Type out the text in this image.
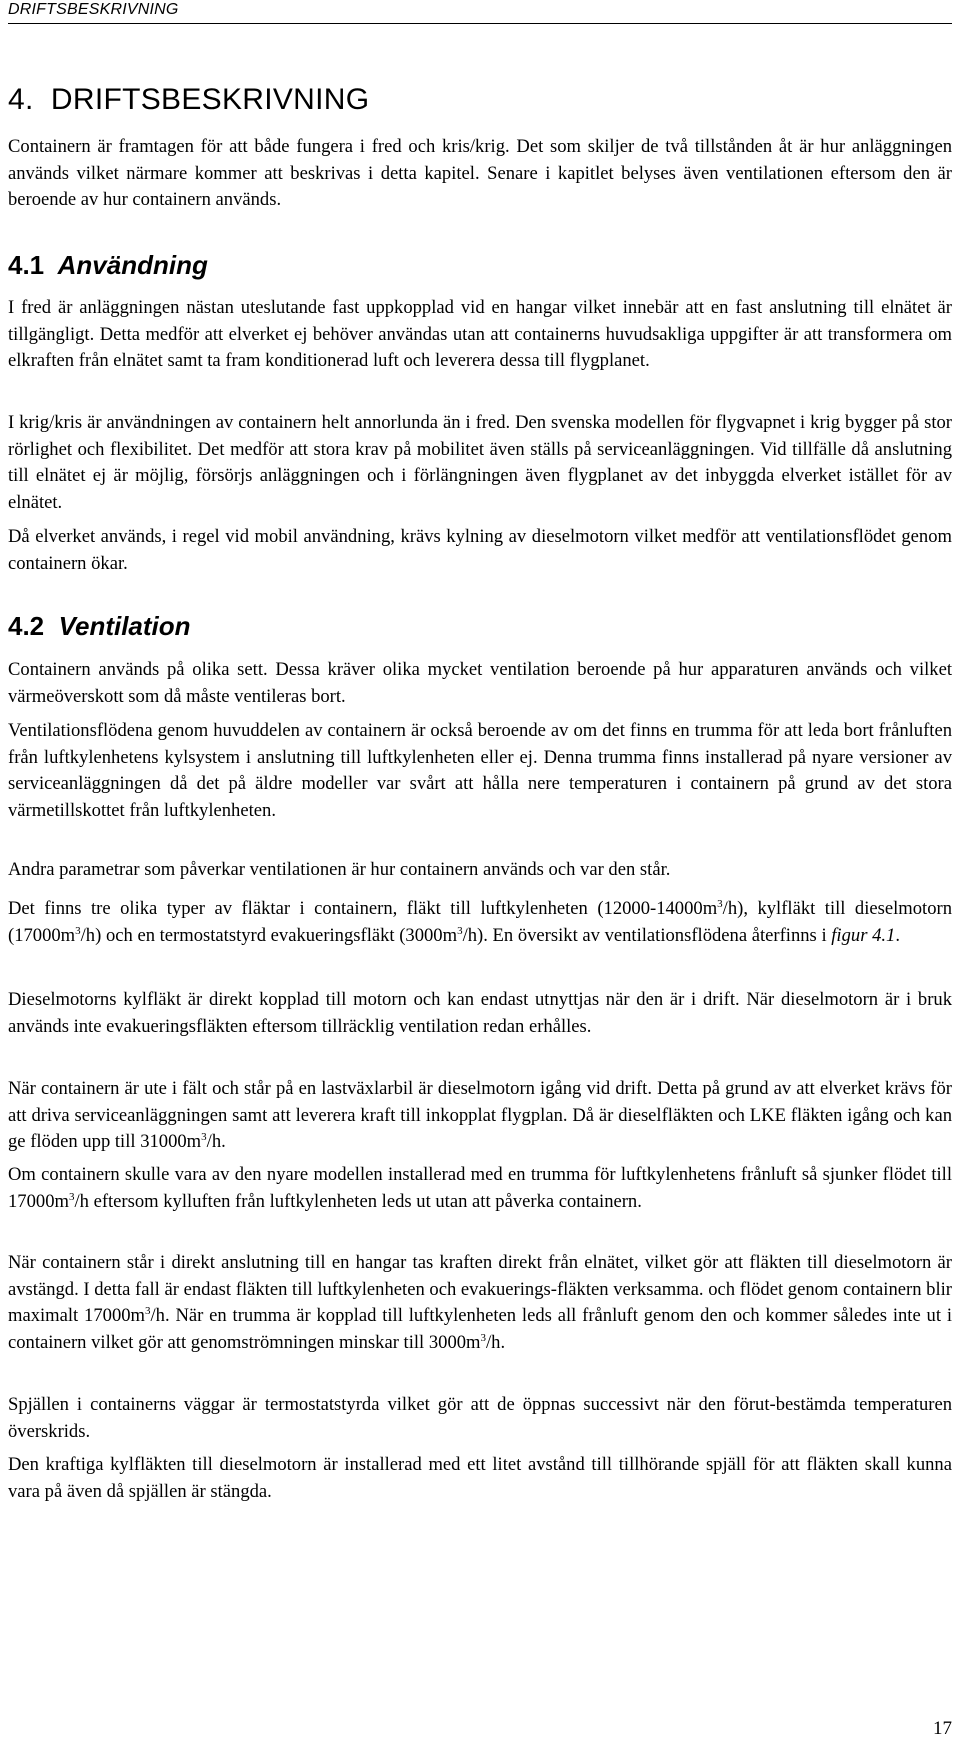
DRIFTSBESKRIVNING
4. DRIFTSBESKRIVNING

Containern är framtagen för att både fungera i fred och kris/krig. Det som skiljer de två tillstånden åt är hur anläggningen används vilket närmare kommer att beskrivas i detta kapitel. Senare i kapitlet belyses även ventilationen eftersom den är beroende av hur containern används.

4.1 Användning

I fred är anläggningen nästan uteslutande fast uppkopplad vid en hangar vilket innebär att en fast anslutning till elnätet är tillgängligt. Detta medför att elverket ej behöver användas utan att containerns huvudsakliga uppgifter är att transformera om elkraften från elnätet samt ta fram konditionerad luft och leverera dessa till flygplanet.

I krig/kris är användningen av containern helt annorlunda än i fred. Den svenska modellen för flygvapnet i krig bygger på stor rörlighet och flexibilitet. Det medför att stora krav på mobilitet även ställs på serviceanläggningen. Vid tillfälle då anslutning till elnätet ej är möjlig, försörjs anläggningen och i förlängningen även flygplanet av det inbyggda elverket istället för av elnätet.

Då elverket används, i regel vid mobil användning, krävs kylning av dieselmotorn vilket medför att ventilationsflödet genom containern ökar.

4.2 Ventilation

Containern används på olika sett. Dessa kräver olika mycket ventilation beroende på hur apparaturen används och vilket värmeöverskott som då måste ventileras bort.

Ventilationsflödena genom huvuddelen av containern är också beroende av om det finns en trumma för att leda bort frånluften från luftkylenhetens kylsystem i anslutning till luftkylenheten eller ej. Denna trumma finns installerad på nyare versioner av serviceanläggningen då det på äldre modeller var svårt att hålla nere temperaturen i containern på grund av det stora värmetillskottet från luftkylenheten.

Andra parametrar som påverkar ventilationen är hur containern används och var den står.

Det finns tre olika typer av fläktar i containern, fläkt till luftkylenheten $(12000-14000m^3/h)$, kylfläkt till dieselmotorn $(17000m^3/h)$ och en termostatstyrd evakueringsfläkt $(3000m^3/h)$. En översikt av ventilationsflödena återfinns i figur 4.1.

Dieselmotorns kylfläkt är direkt kopplad till motorn och kan endast utnyttjas när den är i drift. När dieselmotorn är i bruk används inte evakueringsfläkten eftersom tillräcklig ventilation redan erhålles.

När containern är ute i fält och står på en lastväxlarbil är dieselmotorn igång vid drift. Detta på grund av att elverket krävs för att driva serviceanläggningen samt att leverera kraft till inkopplat flygplan. Då är dieselfläkten och LKE fläkten igång och kan ge flöden upp till $31000m^3/h$.

Om containern skulle vara av den nyare modellen installerad med en trumma för luftkylenhetens frånluft så sjunker flödet till $17000m^3/h$ eftersom kylluften från luftkylenheten leds ut utan att påverka containern.

När containern står i direkt anslutning till en hangar tas kraften direkt från elnätet, vilket gör att fläkten till dieselmotorn är avstängd. I detta fall är endast fläkten till luftkylenheten och evakuerings-fläkten verksamma. och flödet genom containern blir maximalt $17000m^3/h$. När en trumma är kopplad till luftkylenheten leds all frånluft genom den och kommer således inte ut i containern vilket gör att genomströmningen minskar till $3000m^3/h$.

Spjällen i containerns väggar är termostatstyrda vilket gör att de öppnas successivt när den förut-bestämda temperaturen överskrids.

Den kraftiga kylfläkten till dieselmotorn är installerad med ett litet avstånd till tillhörande spjäll för att fläkten skall kunna vara på även då spjällen är stängda.

17
